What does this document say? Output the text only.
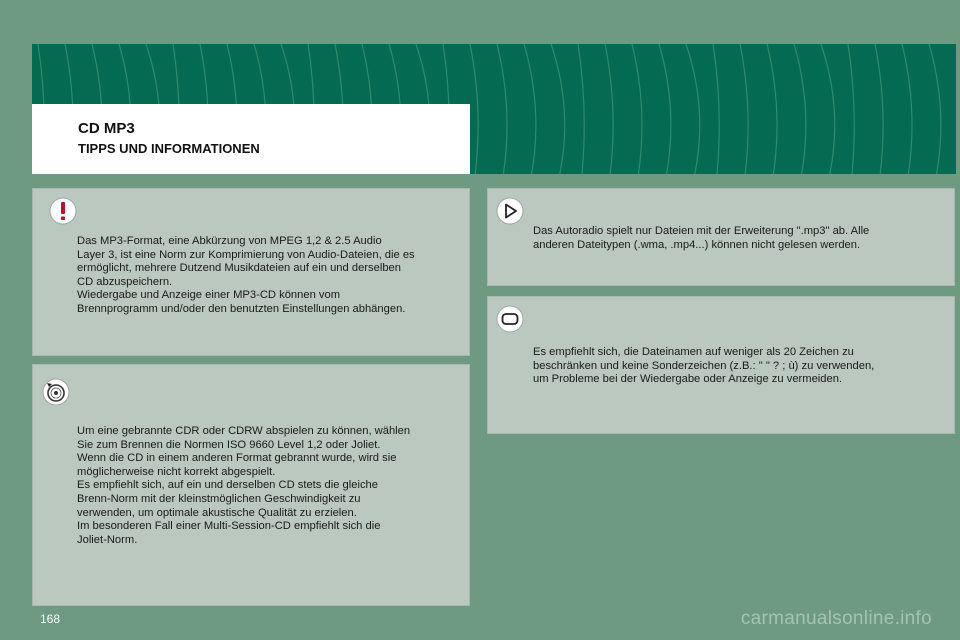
CD MP3
TIPPS UND INFORMATIONEN
Das MP3-Format, eine Abkürzung von MPEG 1,2 & 2.5 Audio
Layer 3, ist eine Norm zur Komprimierung von Audio-Dateien, die es
ermöglicht, mehrere Dutzend Musikdateien auf ein und derselben
CD abzuspeichern.
Wiedergabe und Anzeige einer MP3-CD können vom
Brennprogramm und/oder den benutzten Einstellungen abhängen.
Um eine gebrannte CDR oder CDRW abspielen zu können, wählen
Sie zum Brennen die Normen ISO 9660 Level 1,2 oder Joliet.
Wenn die CD in einem anderen Format gebrannt wurde, wird sie
möglicherweise nicht korrekt abgespielt.
Es empfiehlt sich, auf ein und derselben CD stets die gleiche
Brenn-Norm mit der kleinstmöglichen Geschwindigkeit zu
verwenden, um optimale akustische Qualität zu erzielen.
Im besonderen Fall einer Multi-Session-CD empfiehlt sich die
Joliet-Norm.
Das Autoradio spielt nur Dateien mit der Erweiterung ".mp3" ab. Alle
anderen Dateitypen (.wma, .mp4...) können nicht gelesen werden.
Es empfiehlt sich, die Dateinamen auf weniger als 20 Zeichen zu
beschränken und keine Sonderzeichen (z.B.: " " ? ; ù) zu verwenden,
um Probleme bei der Wiedergabe oder Anzeige zu vermeiden.
168	carmanualsonline.info
